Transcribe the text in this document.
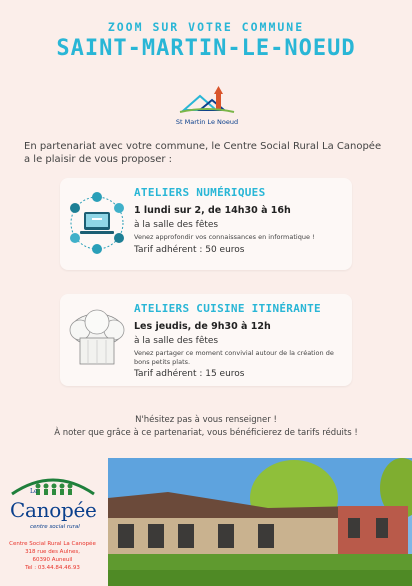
ZOOM SUR VOTRE COMMUNE
SAINT-MARTIN-LE-NOEUD
St Martin Le Noeud
En partenariat avec votre commune, le Centre Social Rural La Canopée a le plaisir de vous proposer :
ATELIERS NUMÉRIQUES
1 lundi sur 2, de 14h30 à 16h
à la salle des fêtes
Venez approfondir vos connaissances en informatique !
Tarif adhérent : 50 euros
ATELIERS CUISINE ITINÉRANTE
Les jeudis, de 9h30 à 12h
à la salle des fêtes
Venez partager ce moment convivial autour de la création de bons petits plats.
Tarif adhérent : 15 euros
N'hésitez pas à vous renseigner !
À noter que grâce à ce partenariat, vous bénéficierez de tarifs réduits !
Le
Canopée
centre social rural
Centre Social Rural La Canopée
318 rue des Aulnes,
60390 Auneuil
Tel : 03.44.84.46.93
